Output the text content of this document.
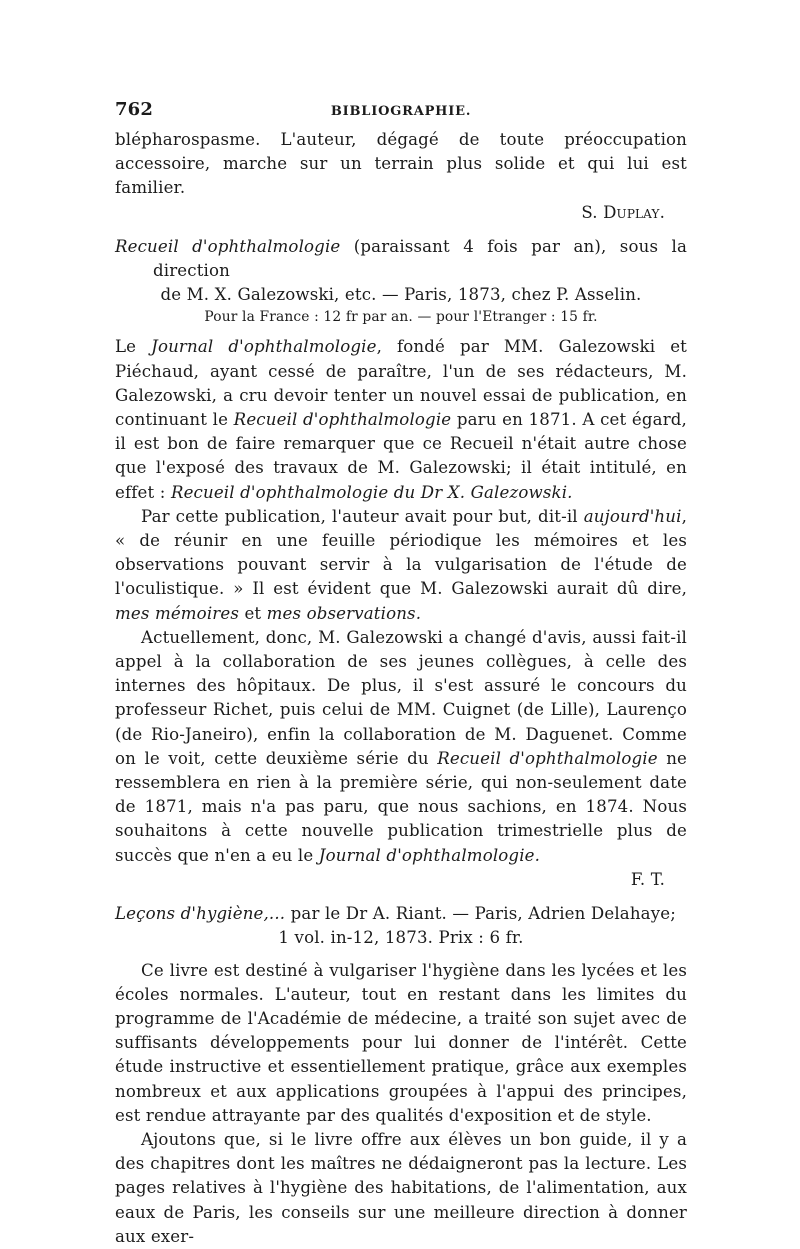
762	BIBLIOGRAPHIE.

blépharospasme. L'auteur, dégagé de toute préoccupation accessoire, marche sur un terrain plus solide et qui lui est familier.

S. Duplay.

Recueil d'ophthalmologie (paraissant 4 fois par an), sous la direction

de M. X. Galezowski, etc. — Paris, 1873, chez P. Asselin.

Pour la France : 12 fr par an. — pour l'Etranger : 15 fr.

Le Journal d'ophthalmologie, fondé par MM. Galezowski et Piéchaud, ayant cessé de paraître, l'un de ses rédacteurs, M. Galezowski, a cru devoir tenter un nouvel essai de publication, en continuant le Recueil d'ophthalmologie paru en 1871. A cet égard, il est bon de faire remarquer que ce Recueil n'était autre chose que l'exposé des travaux de M. Galezowski; il était intitulé, en effet : Recueil d'ophthalmologie du Dr X. Galezowski.

Par cette publication, l'auteur avait pour but, dit-il aujourd'hui, « de réunir en une feuille périodique les mémoires et les observations pouvant servir à la vulgarisation de l'étude de l'oculistique. » Il est évident que M. Galezowski aurait dû dire, mes mémoires et mes observations.

Actuellement, donc, M. Galezowski a changé d'avis, aussi fait-il appel à la collaboration de ses jeunes collègues, à celle des internes des hôpitaux. De plus, il s'est assuré le concours du professeur Richet, puis celui de MM. Cuignet (de Lille), Laurenço (de Rio-Janeiro), enfin la collaboration de M. Daguenet. Comme on le voit, cette deuxième série du Recueil d'ophthalmologie ne ressemblera en rien à la première série, qui non-seulement date de 1871, mais n'a pas paru, que nous sachions, en 1874. Nous souhaitons à cette nouvelle publication trimestrielle plus de succès que n'en a eu le Journal d'ophthalmologie.

F. T.

Leçons d'hygiène,... par le Dr A. Riant. — Paris, Adrien Delahaye;

1 vol. in-12, 1873. Prix : 6 fr.

Ce livre est destiné à vulgariser l'hygiène dans les lycées et les écoles normales. L'auteur, tout en restant dans les limites du programme de l'Académie de médecine, a traité son sujet avec de suffisants développements pour lui donner de l'intérêt. Cette étude instructive et essentiellement pratique, grâce aux exemples nombreux et aux applications groupées à l'appui des principes, est rendue attrayante par des qualités d'exposition et de style.

Ajoutons que, si le livre offre aux élèves un bon guide, il y a des chapitres dont les maîtres ne dédaigneront pas la lecture. Les pages relatives à l'hygiène des habitations, de l'alimentation, aux eaux de Paris, les conseils sur une meilleure direction à donner aux exer-
